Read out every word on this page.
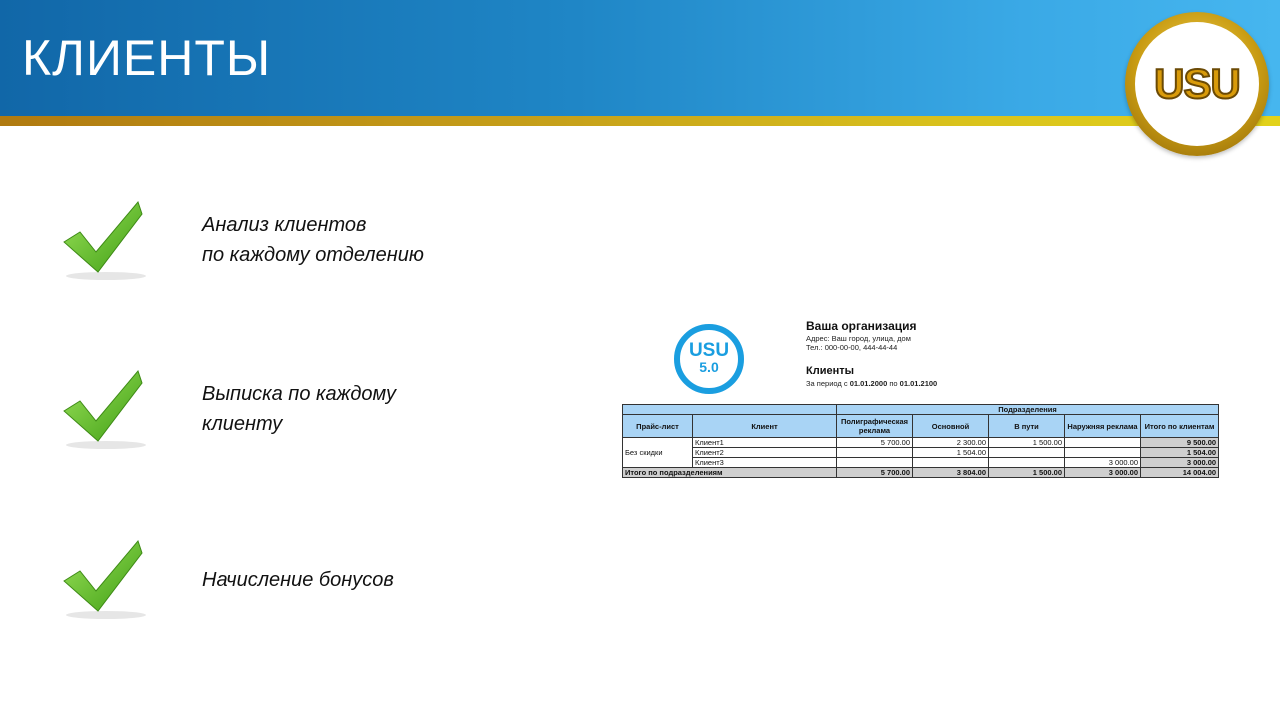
КЛИЕНТЫ	USU
Анализ клиентов
по каждому отделению
Выписка по каждому
клиенту
Начисление бонусов
USU
5.0
Ваша организация
Адрес: Ваш город, улица, дом
Тел.: 000-00-00, 444-44-44
Клиенты
За период с 01.01.2000 по 01.01.2100
		Подразделения				
Прайс-лист	Клиент	Полиграфическая
реклама	Основной	В пути	Наружняя реклама	Итого по клиентам
Без скидки	Клиент1	5 700.00	2 300.00	1 500.00		9 500.00
	Клиент2		1 504.00			1 504.00
	Клиент3				3 000.00	3 000.00
Итого по подразделениям		5 700.00	3 804.00	1 500.00	3 000.00	14 004.00
